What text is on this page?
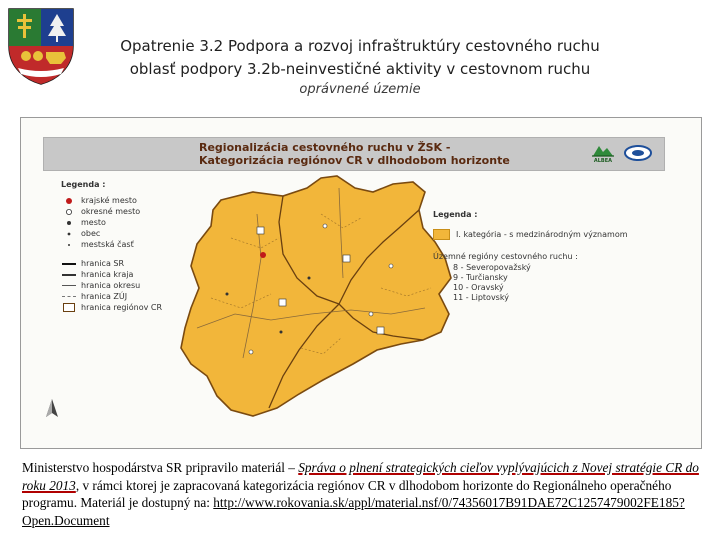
Opatrenie 3.2 Podpora a rozvoj infraštruktúry cestovného ruchu
oblasť podpory 3.2b-neinvestičné aktivity v cestovnom ruchu
oprávnené územie
Regionalizácia cestovného ruchu v ŽSK -
Kategorizácia regiónov CR v dlhodobom horizonte	ALBEA
Legenda :
krajské mesto
okresné mesto
mesto
obec
mestská časť
hranica SR
hranica kraja
hranica okresu
hranica ZÚJ
hranica regiónov CR
Legenda :
I. kategória - s medzinárodným významom
Územné regióny cestovného ruchu :
8 - Severopovažský
9 - Turčiansky
10 - Oravský
11 - Liptovský
Ministerstvo hospodárstva SR pripravilo materiál – Správa o plnení strategických cieľov vyplývajúcich z Novej stratégie CR do roku 2013, v rámci ktorej je zapracovaná kategorizácia regiónov CR v dlhodobom horizonte do Regionálneho operačného programu. Materiál je dostupný na: http://www.rokovania.sk/appl/material.nsf/0/74356017B91DAE72C1257479002FE185?Open.Document
